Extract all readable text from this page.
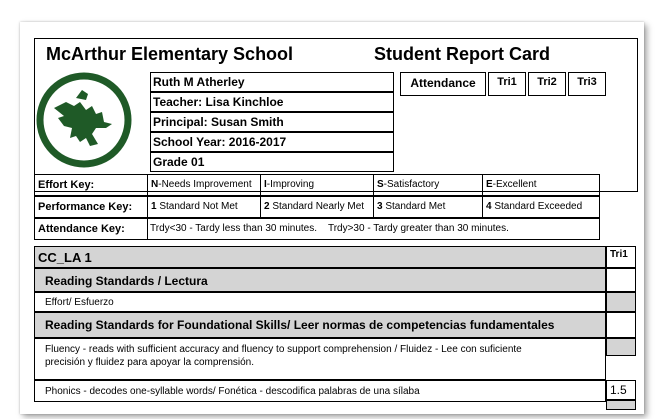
McArthur Elementary School	Student Report Card
Ruth M Atherley
Teacher: Lisa Kinchloe
Principal: Susan Smith
School Year: 2016-2017
Grade 01
Attendance	Tri1	Tri2	Tri3
Effort Key:	N-Needs Improvement	I-Improving	S-Satisfactory	E-Excellent
Performance Key:	1 Standard Not Met	2 Standard Nearly Met	3 Standard Met	4 Standard Exceeded
Attendance Key:	Trdy<30 - Tardy less than 30 minutes.    Trdy>30 - Tardy greater than 30 minutes.
CC_LA 1	Tri1
Reading Standards / Lectura
Effort/ Esfuerzo
Reading Standards for Foundational Skills/ Leer normas de competencias fundamentales
Fluency - reads with sufficient accuracy and fluency to support comprehension / Fluidez - Lee con suficiente
precisión y fluidez para apoyar la comprensión.
Phonics - decodes one-syllable words/ Fonética - descodifica palabras de una sílaba	1.5
